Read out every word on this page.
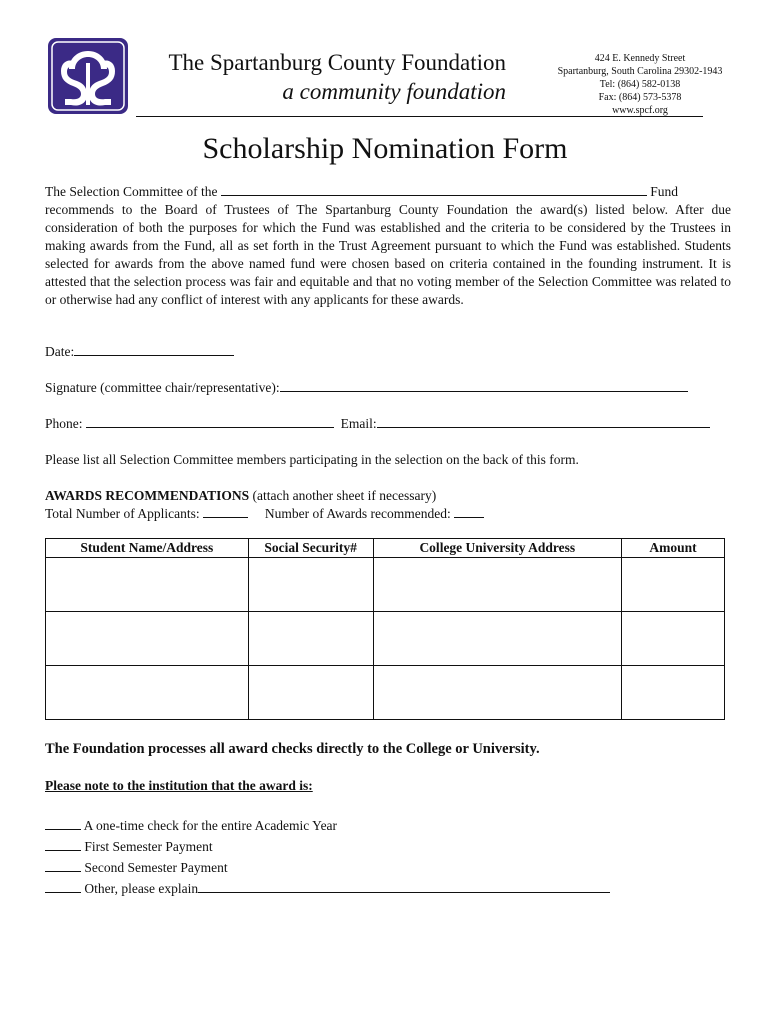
The Spartanburg County Foundation
a community foundation
424 E. Kennedy Street
Spartanburg, South Carolina 29302-1943
Tel: (864) 582-0138
Fax: (864) 573-5378
www.spcf.org
Scholarship Nomination Form
The Selection Committee of the	Fund
recommends to the Board of Trustees of The Spartanburg County Foundation the award(s) listed below. After due consideration of both the purposes for which the Fund was established and the criteria to be considered by the Trustees in making awards from the Fund, all as set forth in the Trust Agreement pursuant to which the Fund was established. Students selected for awards from the above named fund were chosen based on criteria contained in the founding instrument. It is attested that the selection process was fair and equitable and that no voting member of the Selection Committee was related to or otherwise had any conflict of interest with any applicants for these awards.
Date:
Signature (committee chair/representative):
Phone:	Email:
Please list all Selection Committee members participating in the selection on the back of this form.
AWARDS RECOMMENDATIONS (attach another sheet if necessary)
Total Number of Applicants:	Number of Awards recommended:
Student Name/Address	Social Security#	College University Address	Amount

The Foundation processes all award checks directly to the College or University.
Please note to the institution that the award is:
A one-time check for the entire Academic Year
First Semester Payment
Second Semester Payment
Other, please explain
